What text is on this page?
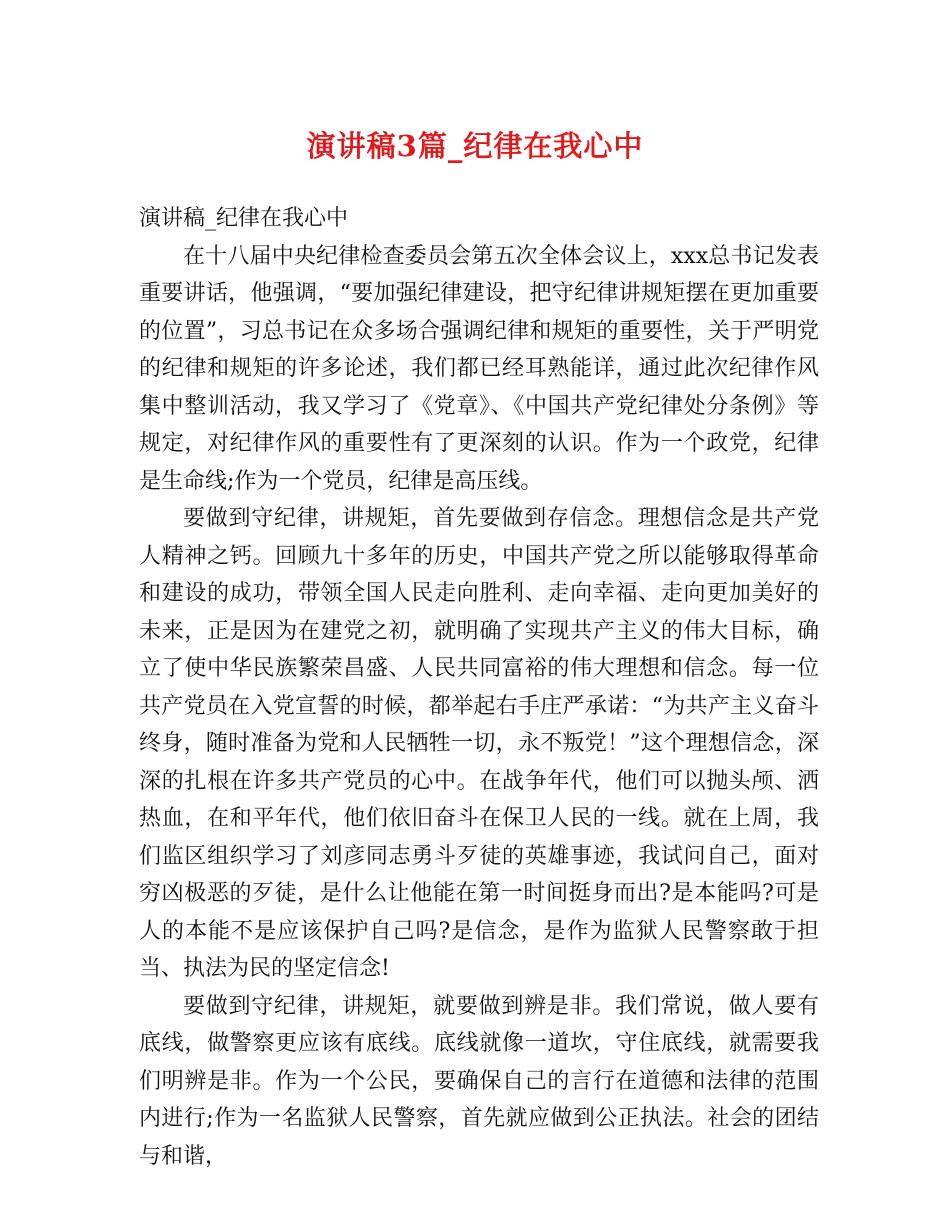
演讲稿3篇_纪律在我心中

演讲稿_纪律在我心中

在十八届中央纪律检查委员会第五次全体会议上，xxx总书记发表重要讲话，他强调，“要加强纪律建设，把守纪律讲规矩摆在更加重要的位置”，习总书记在众多场合强调纪律和规矩的重要性，关于严明党的纪律和规矩的许多论述，我们都已经耳熟能详，通过此次纪律作风集中整训活动，我又学习了《党章》、《中国共产党纪律处分条例》等规定，对纪律作风的重要性有了更深刻的认识。作为一个政党，纪律是生命线;作为一个党员，纪律是高压线。

要做到守纪律，讲规矩，首先要做到存信念。理想信念是共产党人精神之钙。回顾九十多年的历史，中国共产党之所以能够取得革命和建设的成功，带领全国人民走向胜利、走向幸福、走向更加美好的未来，正是因为在建党之初，就明确了实现共产主义的伟大目标，确立了使中华民族繁荣昌盛、人民共同富裕的伟大理想和信念。每一位共产党员在入党宣誓的时候，都举起右手庄严承诺：“为共产主义奋斗终身，随时准备为党和人民牺牲一切，永不叛党！”这个理想信念，深深的扎根在许多共产党员的心中。在战争年代，他们可以抛头颅、洒热血，在和平年代，他们依旧奋斗在保卫人民的一线。就在上周，我们监区组织学习了刘彦同志勇斗歹徒的英雄事迹，我试问自己，面对穷凶极恶的歹徒，是什么让他能在第一时间挺身而出?是本能吗?可是人的本能不是应该保护自己吗?是信念，是作为监狱人民警察敢于担当、执法为民的坚定信念!

要做到守纪律，讲规矩，就要做到辨是非。我们常说，做人要有底线，做警察更应该有底线。底线就像一道坎，守住底线，就需要我们明辨是非。作为一个公民，要确保自己的言行在道德和法律的范围内进行;作为一名监狱人民警察，首先就应做到公正执法。社会的团结与和谐，
